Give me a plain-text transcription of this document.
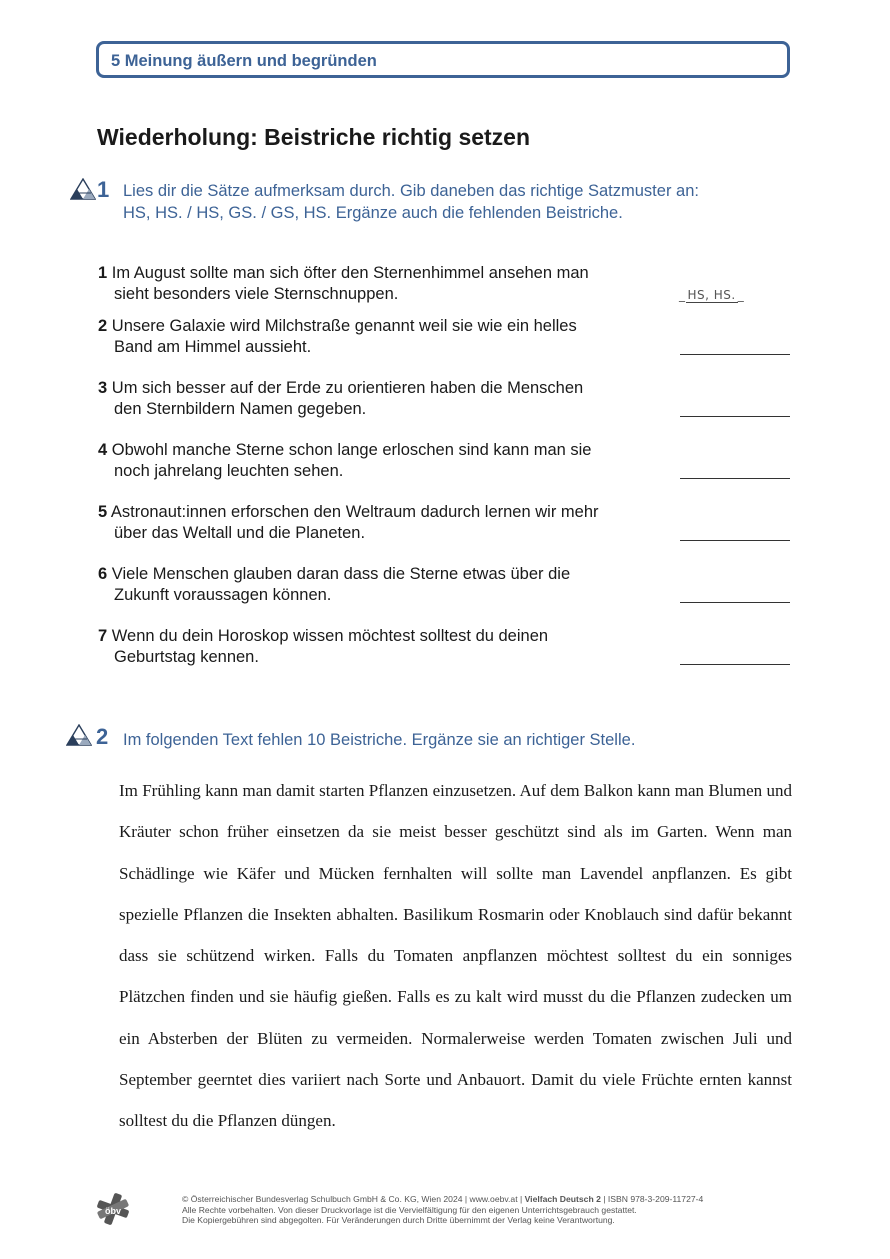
5 Meinung äußern und begründen
Wiederholung: Beistriche richtig setzen
1 Lies dir die Sätze aufmerksam durch. Gib daneben das richtige Satzmuster an:
HS, HS. / HS, GS. / GS, HS. Ergänze auch die fehlenden Beistriche.
1 Im August sollte man sich öfter den Sternenhimmel ansehen man
sieht besonders viele Sternschnuppen.	_ HS, HS. _
2 Unsere Galaxie wird Milchstraße genannt weil sie wie ein helles
Band am Himmel aussieht.
3 Um sich besser auf der Erde zu orientieren haben die Menschen
den Sternbildern Namen gegeben.
4 Obwohl manche Sterne schon lange erloschen sind kann man sie
noch jahrelang leuchten sehen.
5 Astronaut:innen erforschen den Weltraum dadurch lernen wir mehr
über das Weltall und die Planeten.
6 Viele Menschen glauben daran dass die Sterne etwas über die
Zukunft voraussagen können.
7 Wenn du dein Horoskop wissen möchtest solltest du deinen
Geburtstag kennen.
2 Im folgenden Text fehlen 10 Beistriche. Ergänze sie an richtiger Stelle.

Im Frühling kann man damit starten Pflanzen einzusetzen. Auf dem Balkon kann man Blumen und Kräuter schon früher einsetzen da sie meist besser geschützt sind als im Garten. Wenn man Schädlinge wie Käfer und Mücken fernhalten will sollte man Lavendel anpflanzen. Es gibt spezielle Pflanzen die Insekten abhalten. Basilikum Rosmarin oder Knoblauch sind dafür bekannt dass sie schützend wirken. Falls du Tomaten anpflanzen möchtest solltest du ein sonniges Plätzchen finden und sie häufig gießen. Falls es zu kalt wird musst du die Pflanzen zudecken um ein Absterben der Blüten zu vermeiden. Normalerweise werden Tomaten zwischen Juli und September geerntet dies variiert nach Sorte und Anbauort. Damit du viele Früchte ernten kannst solltest du die Pflanzen düngen.

öbv
© Österreichischer Bundesverlag Schulbuch GmbH & Co. KG, Wien 2024 | www.oebv.at | Vielfach Deutsch 2 | ISBN 978-3-209-11727-4
Alle Rechte vorbehalten. Von dieser Druckvorlage ist die Vervielfältigung für den eigenen Unterrichtsgebrauch gestattet.
Die Kopiergebühren sind abgegolten. Für Veränderungen durch Dritte übernimmt der Verlag keine Verantwortung.
